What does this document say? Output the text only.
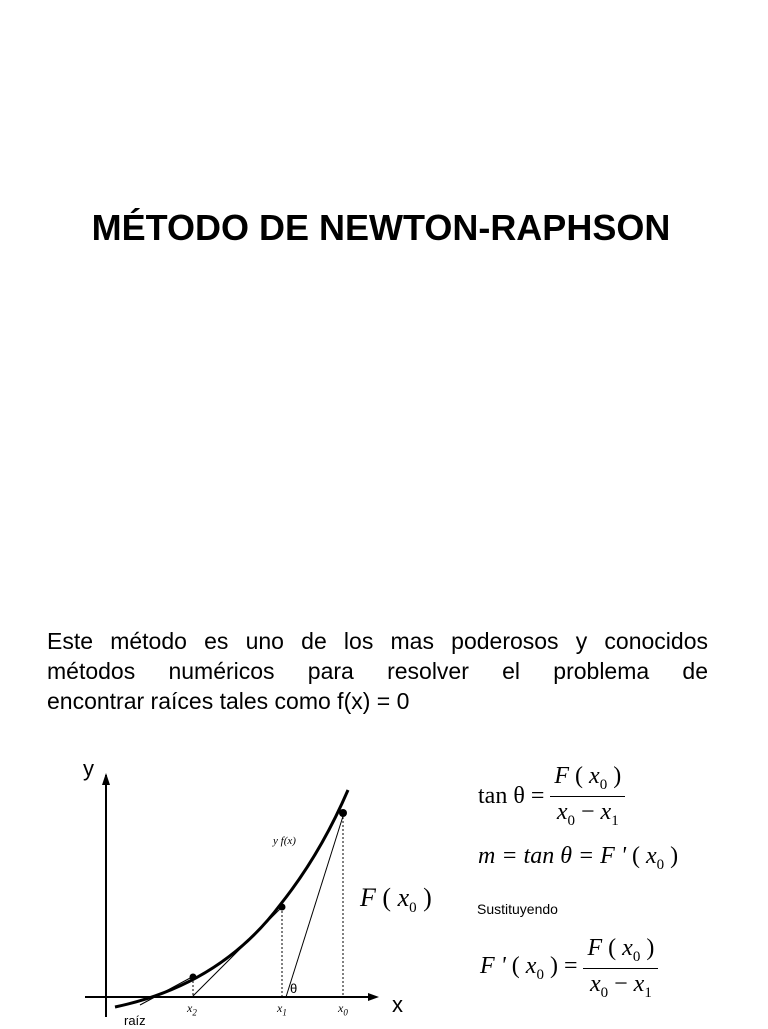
MÉTODO DE NEWTON-RAPHSON
Este método es uno de los mas poderosos y conocidos
métodos numéricos para resolver el problema de
encontrar raíces tales como f(x) = 0
y
x
y f(x)
θ
$x_2$	$x_1$	$x_0$
raíz
F ( $x_0$ )
$\tan \theta = \frac{F ( x_0 )}{x_0 - x_1}$
m = tan θ = F ' ( $x_0$ )
Sustituyendo
F ' ( $x_0$ ) = $\frac{F ( x_0 )}{x_0 - x_1}$
